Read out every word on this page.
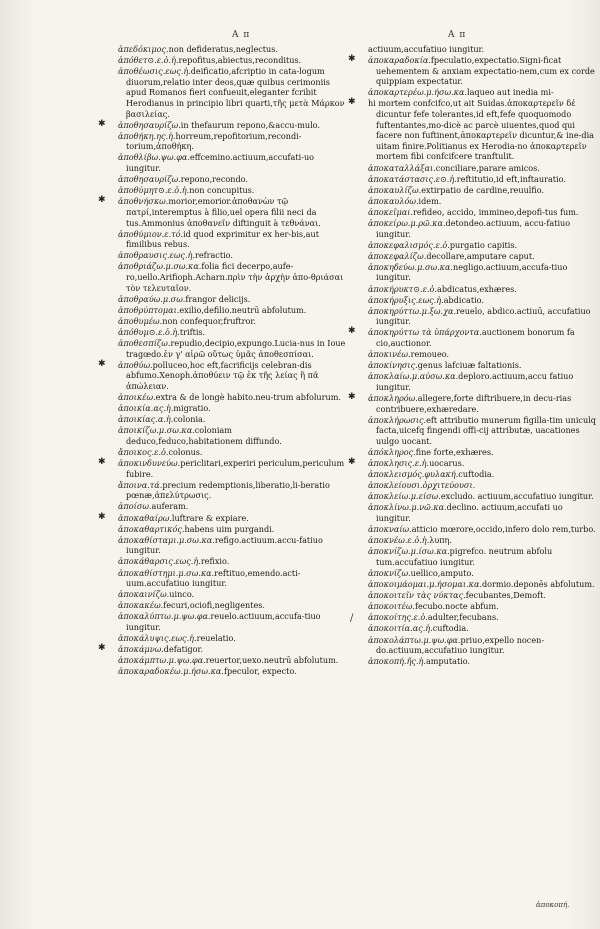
A π	A π
ἀπεδόκιμος.non defideratus,neglectus.
ἀπόθετ⊙.ε.ὁ.ἡ.repofitus,abiectus,reconditus.
ἀποθέωσις.εως.ἡ.deificatio,afcriptio in cata-logum diuorum,relatio inter deos,quæ quibus cerimoniis apud Romanos fieri confueuit,eleganter fcribit Herodianus in principio libri quarti,τῆς μετὰ Μάρκον βασιλείας.
✱ ἀποθησαυρίζω.in thefaurum repono,&accu-mulo.
ἀποθήκη.ης.ἡ.horreum,repofitorium,recondi-torium,ἀποθήκη.
ἀποθλίβω.ψω.φα.effcemino.actiuum,accufati-uo iungitur.
ἀποθησαυρίζω.repono,recondo.
ἀποθύμητ⊙.ε.ὁ.ἡ.non concupitus.
✱ ἀποθνήσκω.morior,emorior.ἀποθανὼν τῷ πατρί,interemptus à filio,uel opera filii neci da tus.Ammonius ἀποθανεῖν diftinguit à τεθνάναι.
ἀποθύμιον.ε.τό.id quod exprimitur ex her-bis,aut fimilibus rebus.
ἀποθραυσις.εως.ἡ.refractio.
ἀποθριάζω.μ.σω.κα.folia fici decerpo,aufe-ro,uello.Arifioph.Acharn.πρὶν τὴν ἀρχὴν ἀπο-θριάσαι τὸν τελευταῖον.
ἀποθραύω.μ.σω.frangor delicijs.
ἀποθρύπτομαι.exilio,defilio.neutrū abfolutum.
ἀποθυμέω.non confequor,fruftror.
ἀπόθυμ⊙.ε.ὁ.ἡ.triftis.
ἀποθεσπίζω.repudio,decipio,expungo.Lucia-nus in Ioue tragœdo.ἐν γ' αἱρῶ οὕτως ὑμᾶς ἀποθεσπίσαι.
✱ ἀποθύω.polluceo,hoc eft,facrificijs celebran-dis abfumo.Xenoph.ἀποθύειν τῷ ἐκ τῆς λείας ἢ πᾶ ἀπώλειαν.
ἀποικέω.extra & de longè habito.neu-trum abfolurum.
ἀποικία.ας.ἡ.migratio.
ἀποικίας.α.ἡ.colonia.
ἀποικίζω.μ.σω.κα.coloniam deduco,feduco,habitationem diffundo.
ἄποικος.ε.ὁ.colonus.
✱ ἀποκινδυνεύω.periclitari,experiri periculum,periculum fubire.
ἄποινα.τά.precium redemptionis,liberatio,li-beratio pœnæ,ἀπελύτρωσις.
ἀποίσω.auferam.
✱ ἀποκαθαίρω.luftrare & expiare.
ἀποκαθαρτικός.habens uim purgandi.
ἀποκαθίσταμι.μ.σω.κα.refigo.actiuum.accu-fatiuo iungitur.
ἀποκάθαρσις.εως.ἡ.refixio.
ἀποκαθίστημι.μ.σω.κα.reftituo,emendo.acti-uum.accufatiuo iungitur.
ἀποκαινίζω.uinco.
ἀποκακέω.fecuri,ociofi,negligentes.
ἀποκαλύπτω.μ.ψω.φα.reuelo.actiuum,accufa-tiuo iungitur.
ἀποκάλυψις.εως.ἡ.reuelatio.
✱ ἀποκάμνω.defatigor.
ἀποκάμπτω.μ.ψω.φα.reuertor,uexo.neutrū abfolutum.
ἀποκαραδοκέω.μ.ήσω.κα.fpeculor, expecto.
actiuum,accufatiuo iungitur.
✱ ἀποκαραδοκία.fpeculatio,expectatio.Signi-ficat uehementem & anxiam expectatio-nem,cum ex corde quippiam expectatur.
ἀποκαρτερέω.μ.ήσω.κα.laqueo aut inedia mi-
✱ hi mortem confcifco,ut ait Suidas.ἀποκαρτερεῖν δέ dicuntur fefe tolerantes,id eft,fefe quoquomodo fuftentantes,mo-dicè ac parcè uiuentes,quod qui facere non fuftinent,ἀποκαρτερεῖν dicuntur,& ine-dia uitam finire.Politianus ex Herodia-no ἀποκαρτερεῖν mortem fibi confcifcere tranftulit.
ἀποκαταλλάξαι.conciliare,parare amicos.
ἀποκατάστασις.ε⊙.ἡ.reftitutio,id eft,inftauratio.
ἀποκαυλίζω.extirpatio de cardine,reuulfio.
ἀποκαυλόω.idem.
ἀποκεῖμαι.refideo, accido, immineo,depofi-tus fum.
ἀποκείρω.μ.ρῶ.κα.detondeo.actiuum, accu-fatiuo iungitur.
ἀποκεφαλισμός.ε.ὁ.purgatio capitis.
ἀποκεφαλίζω.decollare,amputare caput.
ἀποκηδεύω.μ.σω.κα.negligo.actiuum,accufa-tiuo iungitur.
ἀποκήρυκτ⊙.ε.ὁ.abdicatus,exhæres.
ἀποκήρυξις.εως.ἡ.abdicatio.
ἀποκηρύττω.μ.ξω.χα.reuelo, abdico.actiuū, accufatiuo iungitur.
✱ ἀποκηρύττω τὰ ὑπάρχοντα.auctionem bonorum fa cio,auctionor.
ἀποκινέω.remoueo.
ἀποκίνησις.genus lafciuæ faltationis.
ἀποκλαίω.μ.αύσω.κα.deploro.actiuum,accu fatiuo iungitur.
✱ ἀποκληρόω.allegere,forte diftribuere,in decu-rias contribuere,exhæredare.
ἀποκλήρωσις.eft attributio munerum figilla-tim uniculq facta,uicefq fingendi offi-cij attributæ, uacationes uulgo uocant.
ἀπόκληρος.fine forte,exhæres.
✱ ἀποκλησις.ε.ἡ.uocarus.
ἀποκλεισμός.φυλακή.cuftodia.
ἀποκλείουσι.ὀρχιτεύουσι.
ἀποκλείω.μ.είσω.excludo. actiuum,accufatiuo iungitur.
ἀποκλίνω.μ.νῶ.κα.declino. actiuum,accufati uo iungitur.
ἀποκναίω.atticio mœrore,occido,infero dolo rem,turbo.
ἀποκνέω.ε.ὁ.ἡ.λυπη.
ἀποκνίζω.μ.ίσω.κα.pigrefco. neutrum abfolu tum.accufatiuo iungitur.
ἀποκνίζω.uellico,amputo.
ἀποκοιμάομαι.μ.ήσομαι.κα.dormio.deponēs abfolutum.
ἀποκοιτεῖν τὰς νύκτας.fecubantes,Demoft.
ἀποκοιτέω.fecubo.nocte abfum.
ἀποκοίτης.ε.ὁ.adulter,fecubans.
ἀποκοιτία.ας.ἡ.cuftodia.
ἀποκολάπτω.μ.ψω.φα.priuo,expello nocen-do.actiuum,accufatiuo iungitur.
ἀποκοπή.ῆς.ἡ.amputatio.
/
ἀποκοπή.
